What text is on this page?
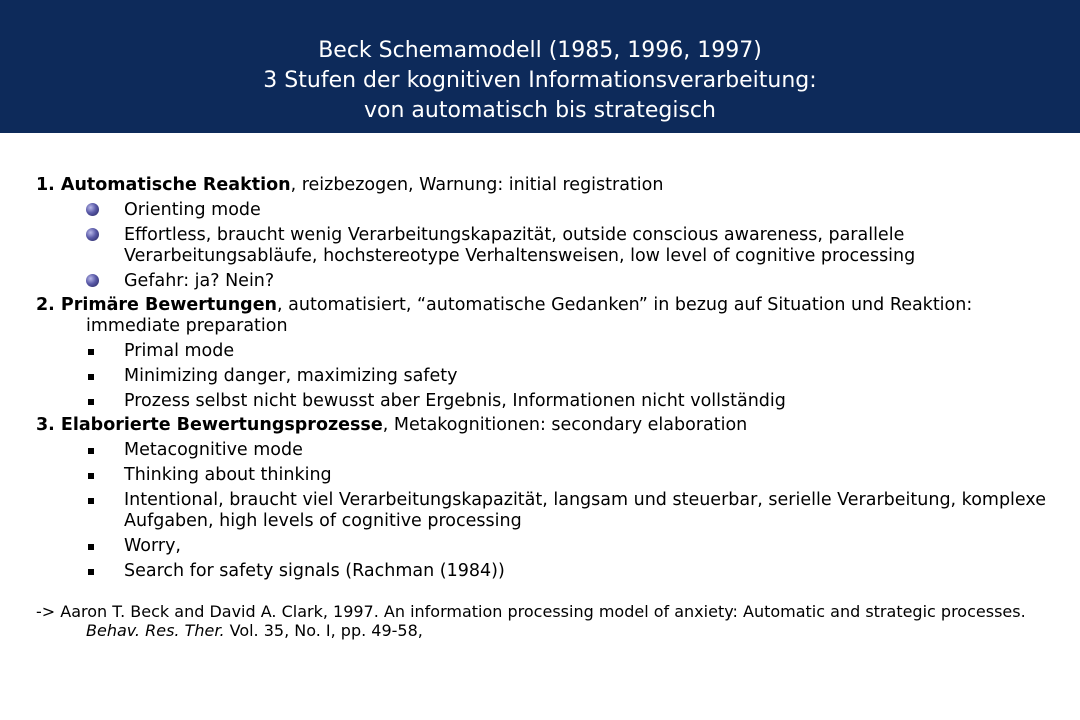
Beck Schemamodell (1985, 1996, 1997)
3 Stufen der kognitiven Informationsverarbeitung:
von automatisch bis strategisch
1. Automatische Reaktion, reizbezogen, Warnung: initial registration
Orienting mode
Effortless, braucht wenig Verarbeitungskapazität, outside conscious awareness, parallele Verarbeitungsabläufe, hochstereotype Verhaltensweisen, low level of cognitive processing
Gefahr: ja? Nein?
2. Primäre Bewertungen, automatisiert, “automatische Gedanken” in bezug auf Situation und Reaktion: immediate preparation
Primal mode
Minimizing danger, maximizing safety
Prozess selbst nicht bewusst aber Ergebnis, Informationen nicht vollständig
3. Elaborierte Bewertungsprozesse, Metakognitionen: secondary elaboration
Metacognitive mode
Thinking about thinking
Intentional, braucht viel Verarbeitungskapazität, langsam und steuerbar, serielle Verarbeitung, komplexe Aufgaben, high levels of cognitive processing
Worry,
Search for safety signals (Rachman (1984))
-> Aaron T. Beck and David A. Clark, 1997. An information processing model of anxiety: Automatic and strategic processes. Behav. Res. Ther. Vol. 35, No. I, pp. 49-58,
